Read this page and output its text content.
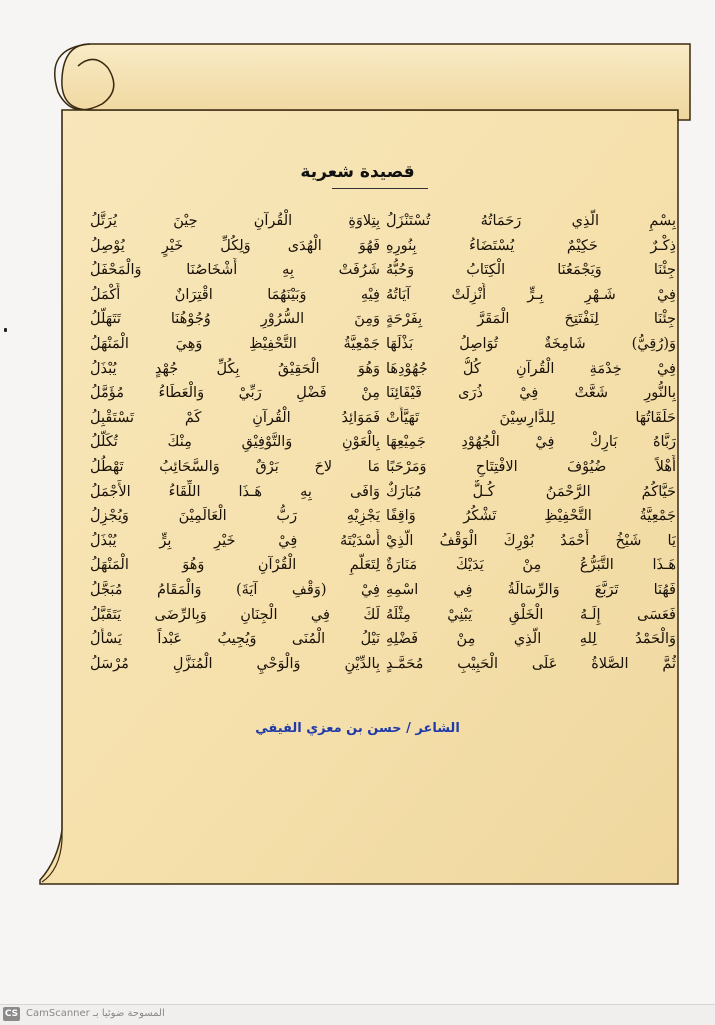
قصيدة شعرية
بِسْمِ الَّذِي رَحَمَاتُهُ تُسْتَنْزَلُ
ذِكْـرٌ حَكِيْمٌ يُسْتَضَاءُ بِنُورِهِ
جِئْنَا وَيَجْمَعُنَا الْكِتَابُ وَحُبُّهُ
فِيْ شَـهْرِ بِـرٍّ أُنْزِلَتْ آيَاتُهُ
جِئْنَا لِنَفْتَتِحَ الْمَقَرَّ بِفَرْحَةٍ
وَ(رُقِيُّ) شَامِخَةٌ تُوَاصِلُ بَذْلَهَا
فِيْ خِدْمَةِ الْقُرآنِ كُلُّ جُهُوْدِهَا
بِالنُّورِ شَعَّتْ فِيْ ذُرَى فَيْفَائِنَا
حَلَقَاتُهَا لِلدَّارِسِيْنَ تَهَيَّأَتْ
رَبَّاهُ بَارِكْ فِيْ الْجُهُوْدِ جَمِيْعِهَا
أَهْلاً ضُيُوْفَ الافْتِتَاحِ وَمَرْحَبًا
حَيَّاكُمُ الرَّحْمَنُ كُـلٌّ مُبَارَكٌ
جَمْعِيَّةُ التَّحْفِيْظِ تَشْكُرُ وَاقِفًا
يَا شَيْخُ أَحْمَدُ بُوْرِكَ الْوَقْفُ الَّذِيْ
هَـذَا التَّبَرُّعُ مِنْ يَدَيْكَ مَنَارَةٌ
فَهُنَا تَرَبَّعَ وَالرِّسَالَةُ فِي اسْمِهِ
فَعَسَى إِلَـهُ الْخَلْقِ يَبْنِيْ مِثْلَهُ
وَالْحَمْدُ لِلهِ الَّذِي مِنْ فَضْلِهِ
ثُمَّ الصَّلاةُ عَلَى الْحَبِيْبِ مُحَمَّـدٍ
بِتِلاوَةِ الْقُرآنِ حِيْنَ يُرَتَّلُ
فَهُوَ الْهُدَى وَلِكُلِّ خَيْرٍ يُوْصِلُ
شَرُفَتْ بِهِ أَشْخَاصُنَا وَالْمَحْفَلُ
فِيْهِ وَبَيْنَهُمَا اقْتِرَانٌ أَكْمَلُ
وَمِنَ السُّرُوْرِ وُجُوْهُنَا تَتَهَلَّلُ
جَمْعِيَّةُ التَّحْفِيْظِ وَهِيَ الْمَنْهَلُ
وَهُوَ الْحَقِيْقُ بِكُلِّ جُهْدٍ يُبْذَلُ
مِنْ فَضْلِ رَبِّيْ وَالْعَطَاءُ مُؤَمَّلُ
فَمَوَائِدُ الْقُرآنِ كَمْ تَسْتَقْبِلُ
بِالْعَوْنِ وَالتَّوْفِيْقِ مِنْكَ تُكَلَّلُ
مَا لاحَ بَرْقٌ وَالسَّحَائِبُ تَهْطُلُ
وَافَى بِهِ هَـذَا اللِّقَاءُ الأَجْمَلُ
يَجْزِيْهِ رَبُّ الْعَالَمِيْنَ وَيُجْزِلُ
أَسْدَيْتَهُ فِيْ خَيْرِ بِرٍّ يُبْذَلُ
لِتَعَلُّمِ الْقُرْآنِ وَهُوَ الْمَنْهَلُ
فِيْ (وَقْفِ آيَةَ) وَالْمَقَامُ مُبَجَّلُ
لَكَ فِي الْجِنَانِ وَبِالرِّضَى يَتَقَبَّلُ
نَيْلُ الْمُنَى وَيُجِيبُ عَبْداً يَسْأَلُ
بِالدِّيْنِ وَالْوَحْيِ الْمُنَزَّلِ مُرْسَلُ
الشاعر / حسن بن معزي الفيفي
CS المسوحة ضوئيا بـ CamScanner
